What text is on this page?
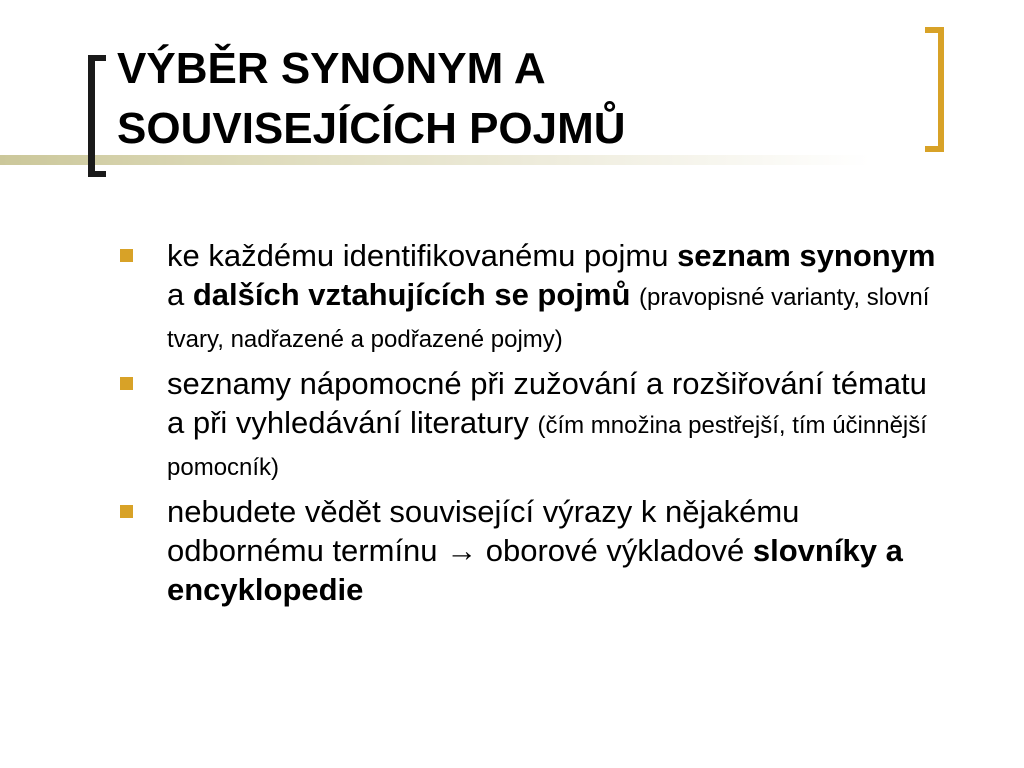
VÝBĚR SYNONYM A
SOUVISEJÍCÍCH POJMŮ
ke každému identifikovanému pojmu seznam synonym a dalších vztahujících se pojmů (pravopisné varianty, slovní tvary, nadřazené a podřazené pojmy)
seznamy nápomocné při zužování a rozšiřování tématu a při vyhledávání literatury (čím množina pestřejší, tím účinnější pomocník)
nebudete vědět související výrazy k nějakému odbornému termínu → oborové výkladové slovníky a encyklopedie
